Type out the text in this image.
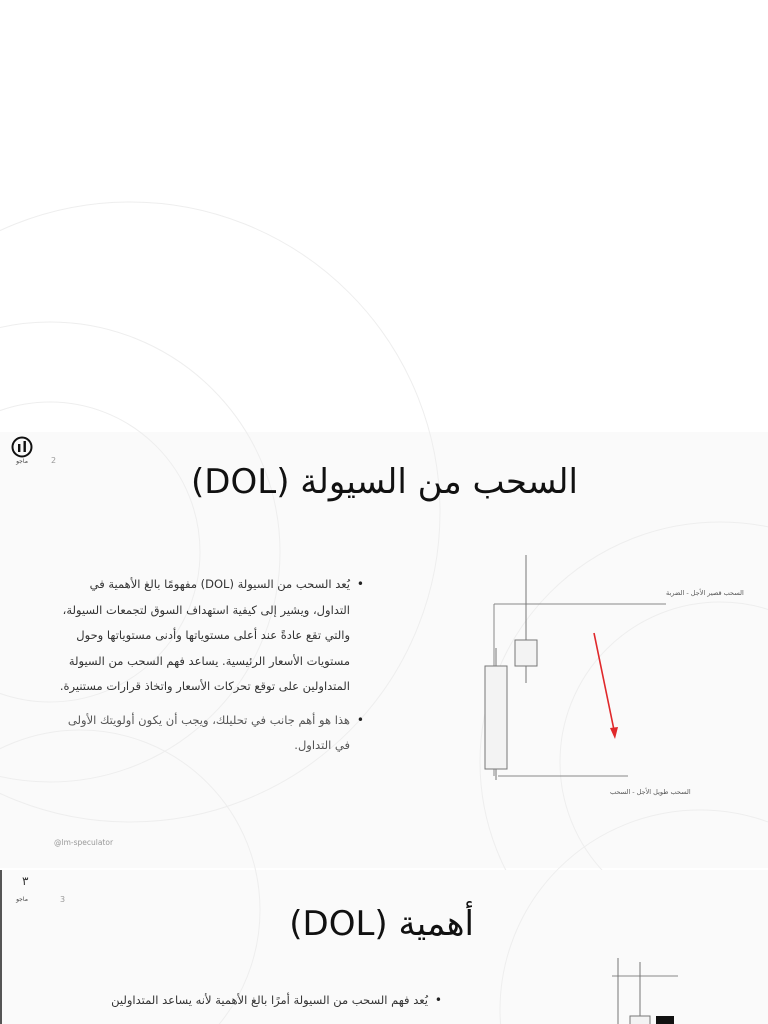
ماجو	2
السحب من السيولة (DOL)
• يُعد السحب من السيولة (DOL) مفهومًا بالغ الأهمية في التداول، ويشير إلى كيفية استهداف السوق لتجمعات السيولة، والتي تقع عادةً عند أعلى مستوياتها وأدنى مستوياتها وحول مستويات الأسعار الرئيسية. يساعد فهم السحب من السيولة المتداولين على توقع تحركات الأسعار واتخاذ قرارات مستنيرة.
• هذا هو أهم جانب في تحليلك، ويجب أن يكون أولويتك الأولى في التداول.
السحب قصير الأجل - الضربة
السحب طويل الأجل - السحب
@lm-speculator
٣
ماجو	3
أهمية (DOL)
• يُعد فهم السحب من السيولة أمرًا بالغ الأهمية لأنه يساعد المتداولين
